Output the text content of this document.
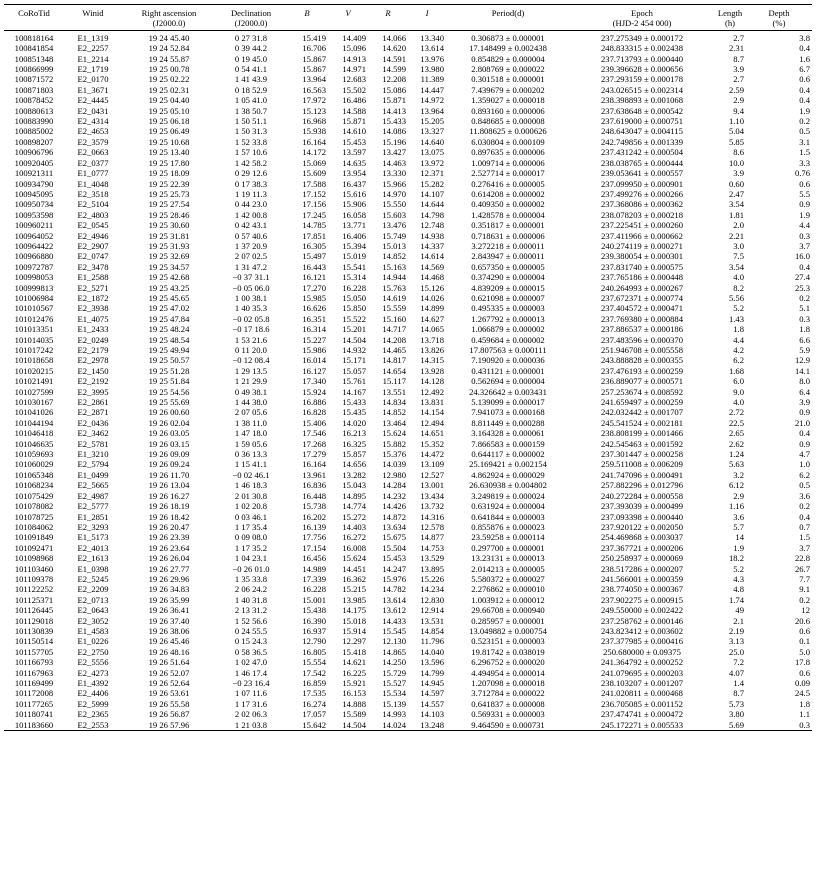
CoRoTid	Winid	Right ascension	Declination	B	V	R	I	Period(d)	Epoch	Length	Depth
		(J2000.0)	(J2000.0)						(HJD-2 454 000)	(h)	(%)
100818164	E1_1319	19 24 45.40	0 27 31.8	15.419	14.409	14.066	13.340	0.306873 ± 0.000001	237.275349 ± 0.000172	2.7	3.8
100841854	E2_2257	19 24 52.84	0 39 44.2	16.706	15.096	14.620	13.614	17.148499 ± 0.002438	248.833315 ± 0.002438	2.31	0.4
100851348	E1_2214	19 24 55.87	0 19 45.0	15.867	14.913	14.591	13.976	0.854829 ± 0.000004	237.713793 ± 0.000440	8.7	1.6
100866999	E2_1719	19 25 00.78	0 54 41.1	15.867	14.971	14.599	13.980	2.808769 ± 0.000022	239.396628 ± 0.000656	3.9	6.7
100871572	E2_0170	19 25 02.22	1 41 43.9	13.964	12.683	12.208	11.389	0.301518 ± 0.000001	237.293159 ± 0.000178	2.7	0.6
100871803	E1_3671	19 25 02.31	0 18 52.9	16.563	15.502	15.086	14.447	7.439679 ± 0.000202	243.026515 ± 0.002314	2.59	0.4
100878452	E2_4445	19 25 04.40	1 05 41.0	17.972	16.486	15.871	14.972	1.359027 ± 0.000018	238.398893 ± 0.001068	2.9	0.4
100880613	E2_0431	19 25 05.10	1 38 50.7	15.123	14.588	14.413	13.964	0.893160 ± 0.000006	237.638648 ± 0.000542	9.4	1.9
100883990	E2_4314	19 25 06.18	1 50 51.1	16.968	15.871	15.433	15.205	0.848685 ± 0.000008	237.619000 ± 0.000751	1.10	0.2
100885002	E2_4653	19 25 06.49	1 50 31.3	15.938	14.610	14.086	13.327	11.808625 ± 0.000626	248.643047 ± 0.004115	5.04	0.5
100898207	E2_3579	19 25 10.68	1 52 33.8	16.164	15.453	15.196	14.640	6.030804 ± 0.000109	242.749856 ± 0.001339	5.85	3.1
100906796	E2_0663	19 25 13.40	1 57 10.6	14.172	13.597	13.427	13.075	0.897635 ± 0.000006	237.431242 ± 0.000504	8.6	1.5
100920405	E2_0377	19 25 17.80	1 42 58.2	15.069	14.635	14.463	13.972	1.009714 ± 0.000006	238.038765 ± 0.000444	10.0	3.3
100921311	E1_0777	19 25 18.09	0 29 12.6	15.609	13.954	13.330	12.371	2.527714 ± 0.000017	239.053641 ± 0.000557	3.9	0.76
100934790	E1_4048	19 25 22.39	0 17 38.3	17.588	16.437	15.966	15.282	0.276416 ± 0.000005	237.099950 ± 0.000901	0.60	0.6
100945095	E2_3518	19 25 25.73	1 19 11.3	17.152	15.616	14.970	14.107	0.614208 ± 0.000002	237.499276 ± 0.000266	2.47	5.5
100950734	E2_5104	19 25 27.54	0 44 23.0	17.156	15.906	15.550	14.644	0.409350 ± 0.000002	237.368086 ± 0.000362	3.54	0.9
100953598	E2_4803	19 25 28.46	1 42 00.8	17.245	16.058	15.603	14.798	1.428578 ± 0.000004	238.078203 ± 0.000218	1.81	1.9
100960211	E2_0545	19 25 30.60	0 42 43.1	14.785	13.771	13.476	12.748	0.351817 ± 0.000001	237.225451 ± 0.000260	2.0	4.4
100964052	E2_4946	19 25 31.81	0 57 40.6	17.851	16.406	15.749	14.938	0.718631 ± 0.000006	237.411966 ± 0.000662	2.21	0.3
100964422	E2_2907	19 25 31.93	1 37 20.9	16.305	15.394	15.013	14.337	3.272218 ± 0.000011	240.274119 ± 0.000271	3.0	3.7
100966880	E2_0747	19 25 32.69	2 07 02.5	15.497	15.019	14.852	14.614	2.843947 ± 0.000011	239.380054 ± 0.000301	7.5	16.0
100972787	E2_3478	19 25 34.57	1 31 47.2	16.443	15.541	15.163	14.569	0.657350 ± 0.000005	237.831740 ± 0.000575	3.54	0.4
100998053	E1_2588	19 25 42.68	−0 37 31.1	16.121	15.314	14.944	14.468	0.374290 ± 0.000004	237.765186 ± 0.000448	4.0	27.4
100999813	E2_5271	19 25 43.25	−0 05 06.0	17.270	16.228	15.763	15.126	4.839209 ± 0.000015	240.264993 ± 0.000267	8.2	25.3
101006984	E2_1872	19 25 45.65	1 00 38.1	15.985	15.050	14.619	14.026	0.621098 ± 0.000007	237.672371 ± 0.000774	5.56	0.2
101010567	E2_3938	19 25 47.02	1 40 35.3	16.626	15.850	15.559	14.899	0.495335 ± 0.000003	237.404572 ± 0.000471	5.2	5.1
101012476	E1_4075	19 25 47.84	−0 02 05.8	16.351	15.522	15.160	14.627	1.267792 ± 0.000013	237.769380 ± 0.000884	1.43	0.3
101013351	E1_2433	19 25 48.24	−0 17 18.6	16.314	15.201	14.717	14.065	1.066879 ± 0.000002	237.886537 ± 0.000186	1.8	1.8
101014035	E2_0249	19 25 48.54	1 53 21.6	15.227	14.504	14.208	13.718	0.459684 ± 0.000002	237.483596 ± 0.000370	4.4	6.6
101017242	E2_2179	19 25 49.94	0 11 20.0	15.986	14.932	14.465	13.826	17.807563 ± 0.000111	251.946708 ± 0.005558	4.2	5.9
101018658	E2_2978	19 25 50.57	−0 12 08.4	16.014	15.171	14.817	14.315	7.190920 ± 0.000036	243.888828 ± 0.000355	6.2	12.9
101020215	E2_1450	19 25 51.28	1 29 13.5	16.127	15.057	14.654	13.928	0.431121 ± 0.000001	237.476193 ± 0.000259	1.68	14.1
101021491	E2_2192	19 25 51.84	1 21 29.9	17.340	15.761	15.117	14.128	0.562694 ± 0.000004	236.889077 ± 0.000571	6.0	8.0
101027599	E2_3995	19 25 54.56	0 49 38.1	15.924	14.167	13.551	12.492	24.326642 ± 0.003431	257.253674 ± 0.008592	9.0	6.4
101030167	E2_2861	19 25 55.69	1 44 38.0	16.886	15.433	14.834	13.831	5.139099 ± 0.000017	241.659497 ± 0.000259	4.0	3.9
101041026	E2_2871	19 26 00.60	2 07 05.6	16.828	15.435	14.852	14.154	7.941073 ± 0.000168	242.032442 ± 0.001707	2.72	0.9
101044194	E2_0436	19 26 02.04	1 38 11.0	15.406	14.020	13.464	12.494	8.811449 ± 0.000288	245.541524 ± 0.002181	22.5	21.0
101046418	E2_3462	19 26 03.05	1 47 18.0	17.546	16.213	15.624	14.651	3.164328 ± 0.000061	238.808199 ± 0.001466	2.65	0.4
101046635	E2_5781	19 26 03.15	1 59 05.6	17.268	16.325	15.882	15.352	7.866583 ± 0.000159	242.545463 ± 0.001592	2.62	0.9
101059693	E1_3210	19 26 09.09	0 36 13.3	17.279	15.857	15.376	14.472	0.644117 ± 0.000002	237.301447 ± 0.000258	1.24	4.7
101060029	E2_5794	19 26 09.24	1 15 41.1	16.164	14.656	14.039	13.109	25.169421 ± 0.002154	259.511008 ± 0.006209	5.63	1.0
101065348	E1_0499	19 26 11.70	−0 02 46.1	13.961	13.282	12.980	12.527	4.862924 ± 0.000029	241.747096 ± 0.000491	3.2	6.2
101068234	E2_5665	19 26 13.04	1 46 18.3	16.836	15.043	14.284	13.001	26.630938 ± 0.004802	257.882296 ± 0.012796	6.12	0.5
101075429	E2_4987	19 26 16.27	2 01 30.8	16.448	14.895	14.232	13.434	3.249819 ± 0.000024	240.272284 ± 0.000558	2.9	3.6
101078082	E2_5777	19 26 18.19	1 02 20.8	15.738	14.774	14.426	13.732	0.631924 ± 0.000004	237.393039 ± 0.000499	1.16	0.2
101078725	E1_2851	19 26 18.42	0 03 46.1	16.202	15.272	14.872	14.316	0.641844 ± 0.000003	237.093398 ± 0.000440	3.6	0.4
101084062	E2_3293	19 26 20.47	1 17 35.4	16.139	14.403	13.634	12.578	0.855876 ± 0.000023	237.920122 ± 0.002050	5.7	0.7
101091849	E1_5173	19 26 23.39	0 09 08.0	17.756	16.272	15.675	14.877	23.59258 ± 0.000114	254.469868 ± 0.003037	14	1.5
101092471	E2_4013	19 26 23.64	1 17 35.2	17.154	16.008	15.504	14.753	0.297700 ± 0.000001	237.367721 ± 0.000206	1.9	3.7
101098968	E2_1613	19 26 26.04	1 04 23.1	16.456	15.624	15.453	13.529	13.23131 ± 0.000013	250.258937 ± 0.000069	18.2	22.8
101103460	E1_0398	19 26 27.77	−0 26 01.0	14.989	14.451	14.247	13.895	2.014213 ± 0.000005	238.517286 ± 0.000207	5.2	26.7
101109378	E2_5245	19 26 29.96	1 35 33.8	17.339	16.362	15.976	15.226	5.580372 ± 0.000027	241.566001 ± 0.000359	4.3	7.7
101122252	E2_2209	19 26 34.83	2 06 24.2	16.228	15.215	14.782	14.234	2.276862 ± 0.000010	238.774050 ± 0.000367	4.8	9.1
101125371	E2_0713	19 26 35.99	1 40 31.8	15.001	13.985	13.614	12.830	1.003912 ± 0.000012	237.902275 ± 0.000915	1.74	0.2
101126445	E2_0643	19 26 36.41	2 13 31.2	15.438	14.175	13.612	12.914	29.66708 ± 0.000940	249.550000 ± 0.002422	49	12
101129018	E2_3052	19 26 37.40	1 52 56.6	16.390	15.018	14.433	13.531	0.285957 ± 0.000001	237.258762 ± 0.000146	2.1	20.6
101130839	E1_4583	19 26 38.06	0 24 55.5	16.937	15.914	15.545	14.854	13.049882 ± 0.000754	243.823412 ± 0.003602	2.19	0.6
101150514	E1_0226	19 26 45.46	0 15 24.3	12.790	12.297	12.130	11.796	0.523151 ± 0.000003	237.377985 ± 0.000416	3.13	0.1
101157705	E2_2750	19 26 48.16	0 58 36.5	16.805	15.418	14.865	14.040	19.81742 ± 0.038019	250.680000 ± 0.09375	25.0	5.0
101166793	E2_5556	19 26 51.64	1 02 47.0	15.554	14.621	14.250	13.596	6.296752 ± 0.000020	241.364792 ± 0.000252	7.2	17.8
101167963	E2_4273	19 26 52.07	1 46 17.4	17.542	16.225	15.729	14.799	4.494954 ± 0.000014	241.079695 ± 0.000203	4.07	0.6
101169499	E1_4392	19 26 52.64	−0 23 16.4	16.859	15.921	15.527	14.945	1.207098 ± 0.000018	238.103207 ± 0.001207	1.4	0.09
101172008	E2_4406	19 26 53.61	1 07 11.6	17.535	16.153	15.534	14.597	3.712784 ± 0.000022	241.020811 ± 0.000468	8.7	24.5
101177265	E2_5999	19 26 55.58	1 17 31.6	16.274	14.888	15.139	14.557	0.641837 ± 0.000008	236.705085 ± 0.001152	5.73	1.8
101180741	E2_2365	19 26 56.87	2 02 06.3	17.057	15.589	14.993	14.103	0.569331 ± 0.000003	237.474741 ± 0.000472	3.80	1.1
101183660	E2_2553	19 26 57.96	1 21 03.8	15.642	14.504	14.024	13.248	9.464590 ± 0.000731	245.172271 ± 0.005533	5.69	0.3
